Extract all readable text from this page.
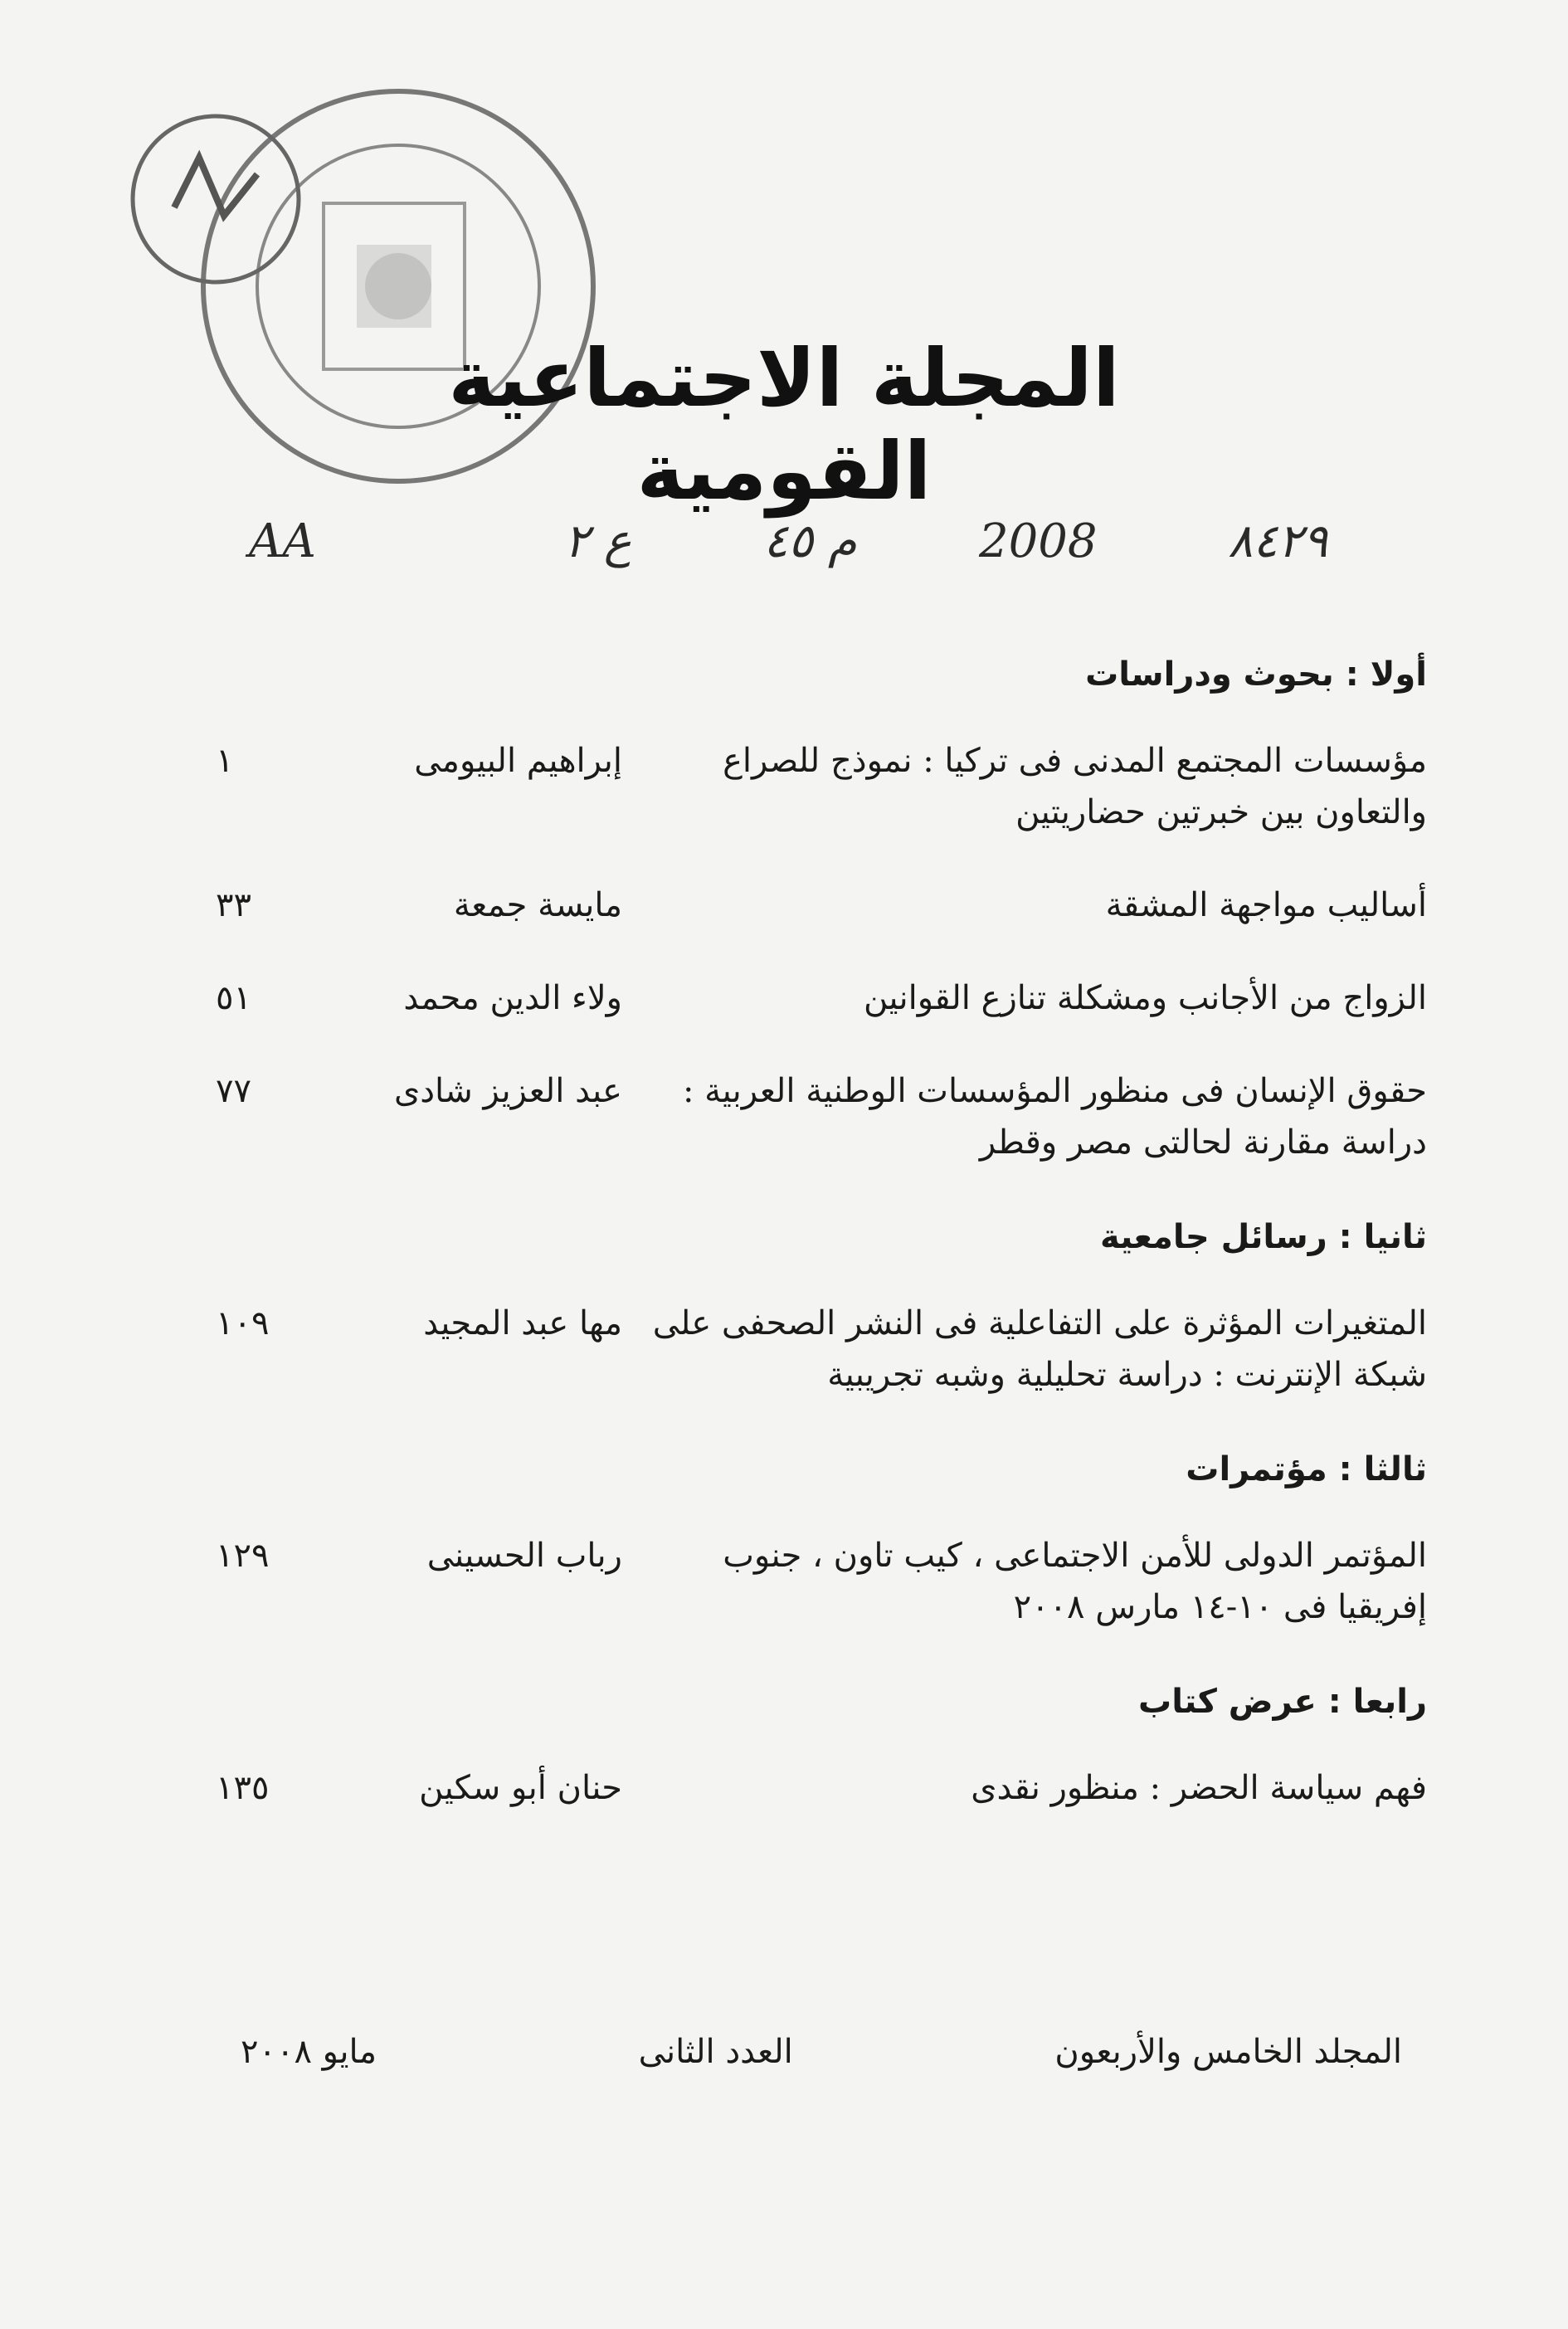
المجلة الاجتماعية القومية
٨٤٢٩
2008
م ٤٥
ع ٢
AA
أولا : بحوث ودراسات
مؤسسات المجتمع المدنى فى تركيا : نموذج للصراع والتعاون بين خبرتين حضاريتين
إبراهيم البيومى
١
أساليب مواجهة المشقة
مايسة جمعة
٣٣
الزواج من الأجانب ومشكلة تنازع القوانين
ولاء الدين محمد
٥١
حقوق الإنسان فى منظور المؤسسات الوطنية العربية : دراسة مقارنة لحالتى مصر وقطر
عبد العزيز شادى
٧٧
ثانيا : رسائل جامعية
المتغيرات المؤثرة على التفاعلية فى النشر الصحفى على شبكة الإنترنت : دراسة تحليلية وشبه تجريبية
مها عبد المجيد
١٠٩
ثالثا : مؤتمرات
المؤتمر الدولى للأمن الاجتماعى ، كيب تاون ، جنوب إفريقيا فى ١٠-١٤ مارس ٢٠٠٨
رباب الحسينى
١٢٩
رابعا : عرض كتاب
فهم سياسة الحضر : منظور نقدى
حنان أبو سكين
١٣٥
المجلد الخامس والأربعون
العدد الثانى
مايو ٢٠٠٨
